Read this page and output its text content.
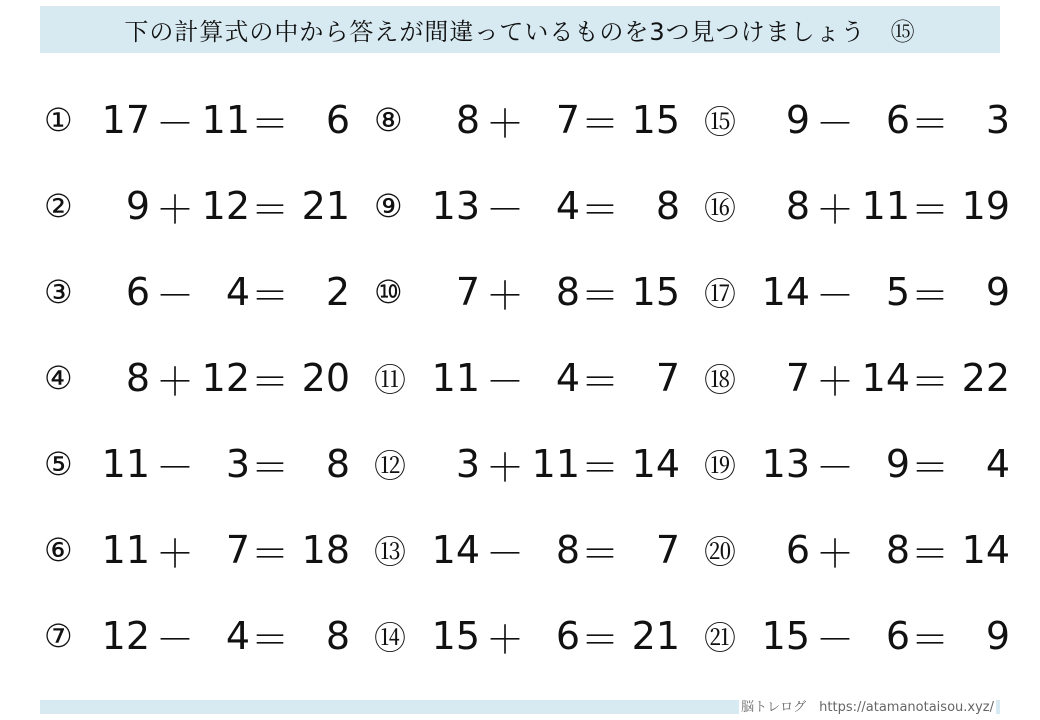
下の計算式の中から答えが間違っているものを3つ見つけましょう　⑮
① 17 － 11 ＝ 6 ⑧	8 ＋ 7 ＝ 15 ⑮	9 － 6 ＝ 3
②	9 ＋ 12 ＝ 21 ⑨ 13 － 4 ＝ 8 ⑯	8 ＋ 11 ＝ 19
③	6 － 4 ＝ 2 ⑩	7 ＋ 8 ＝ 15 ⑰ 14 － 5 ＝ 9
④	8 ＋ 12 ＝ 20 ⑪ 11 － 4 ＝ 7 ⑱	7 ＋ 14 ＝ 22
⑤ 11 － 3 ＝ 8 ⑫	3 ＋ 11 ＝ 14 ⑲ 13 － 9 ＝ 4
⑥ 11 ＋ 7 ＝ 18 ⑬ 14 － 8 ＝ 7 ⑳	6 ＋ 8 ＝ 14
⑦ 12 － 4 ＝ 8 ⑭ 15 ＋ 6 ＝ 21 ㉑ 15 － 6 ＝ 9
脳トレログ　https://atamanotaisou.xyz/
